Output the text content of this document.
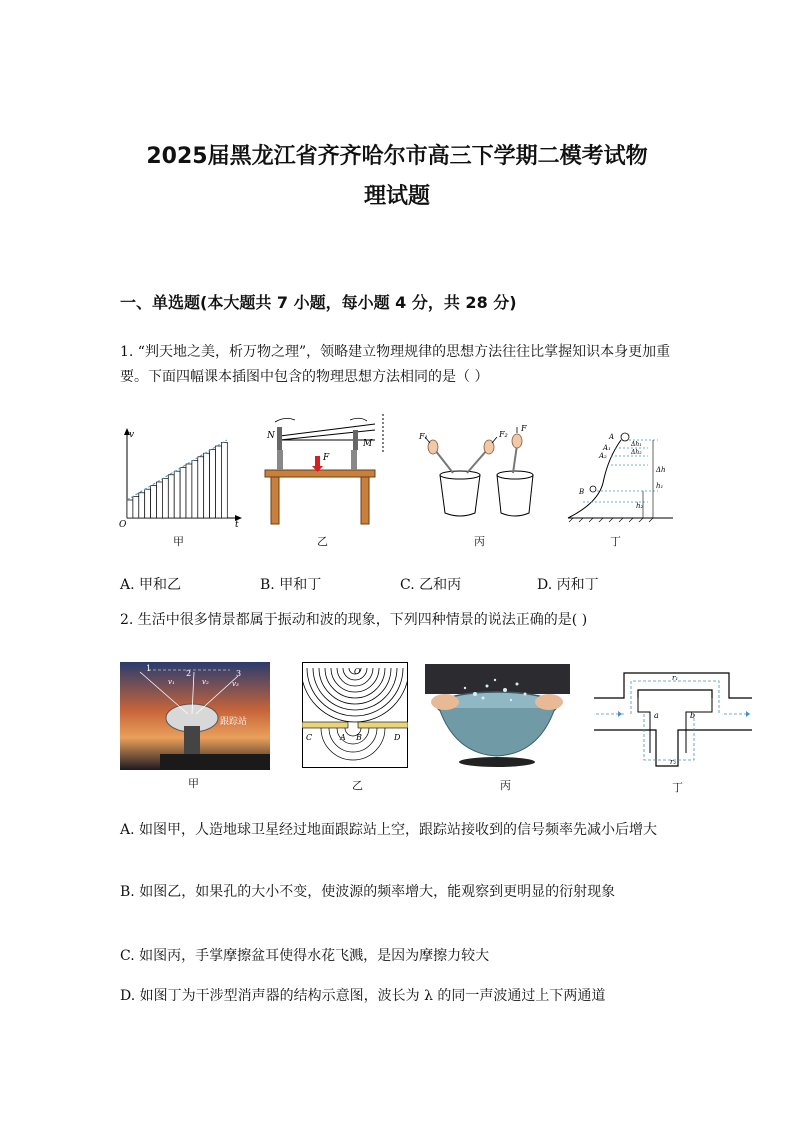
2025届黑龙江省齐齐哈尔市高三下学期二模考试物
理试题
一、单选题(本大题共 7 小题，每小题 4 分，共 28 分)
1. “判天地之美，析万物之理”，领略建立物理规律的思想方法往往比掌握知识本身更加重要。下面四幅课本插图中包含的物理思想方法相同的是（ ）
v
t
O
N
M
F
F₁	F₂
F
A
A₁
A₂
B
Δh₁
Δh₂
Δh
h₁
h₂
甲	乙	丙	丁
A. 甲和乙	B. 甲和丁	C. 乙和丙	D. 丙和丁
2. 生活中很多情景都属于振动和波的现象，下列四种情景的说法正确的是( )
1
2	3
v₁	v₂	v₃
跟踪站
O
C	A B	D
r₁
r₂
a	b
甲	乙	丙	丁
A. 如图甲，人造地球卫星经过地面跟踪站上空，跟踪站接收到的信号频率先减小后增大
B. 如图乙，如果孔的大小不变，使波源的频率增大，能观察到更明显的衍射现象
C. 如图丙，手掌摩擦盆耳使得水花飞溅，是因为摩擦力较大
D. 如图丁为干涉型消声器的结构示意图，波长为 λ 的同一声波通过上下两通道
